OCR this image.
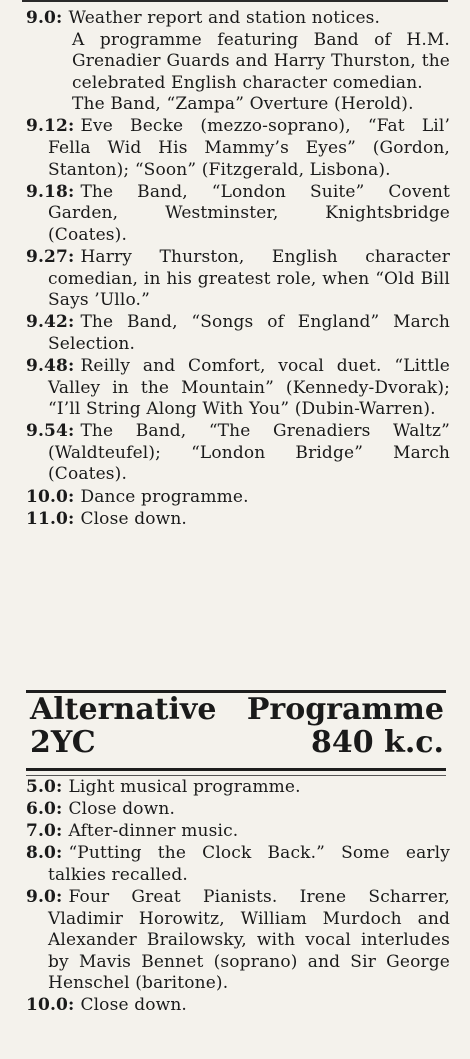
9.0: Weather report and station notices.
A programme featuring Band of H.M. Grenadier Guards and Harry Thurston, the celebrated English character comedian.
The Band, “Zampa” Overture (Herold).

9.12: Eve Becke (mezzo-soprano), “Fat Lil’ Fella Wid His Mammy’s Eyes” (Gordon, Stanton); “Soon” (Fitzgerald, Lisbona).

9.18: The Band, “London Suite” Covent Garden, Westminster, Knightsbridge (Coates).

9.27: Harry Thurston, English character comedian, in his greatest role, when “Old Bill Says ’Ullo.”

9.42: The Band, “Songs of England” March Selection.

9.48: Reilly and Comfort, vocal duet. “Little Valley in the Mountain” (Kennedy-Dvorak); “I’ll String Along With You” (Dubin-Warren).

9.54: The Band, “The Grenadiers Waltz” (Waldteufel); “London Bridge” March (Coates).

10.0: Dance programme.

11.0: Close down.

Alternative
2YC
Programme
840 k.c.

5.0: Light musical programme.

6.0: Close down.

7.0: After-dinner music.

8.0: “Putting the Clock Back.” Some early talkies recalled.

9.0: Four Great Pianists. Irene Scharrer, Vladimir Horowitz, William Murdoch and Alexander Brailowsky, with vocal interludes by Mavis Bennet (soprano) and Sir George Henschel (baritone).

10.0: Close down.
